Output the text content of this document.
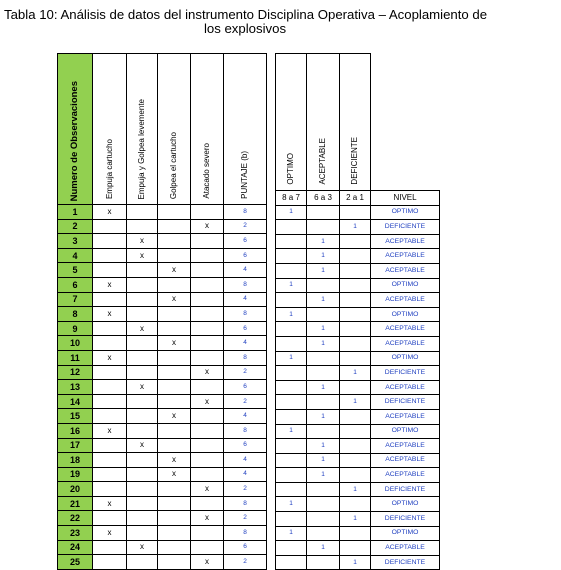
Tabla 10: Análisis de datos del instrumento Disciplina Operativa – Acoplamiento de
los explosivos
Numero de Observaciones	Empuja cartucho	Empuja y Golpea levemente	Golpea el cartucho	Atacado severo	PUNTAJE (b)
1	x				8
2				x	2
3		x			6
4		x			6
5			x		4
6	x				8
7			x		4
8	x				8
9		x			6
10			x		4
11	x				8
12				x	2
13		x			6
14				x	2
15			x		4
16	x				8
17		x			6
18			x		4
19			x		4
20				x	2
21	x				8
22				x	2
23	x				8
24		x			6
25				x	2
OPTIMO	ACEPTABLE	DEFICIENTE	
8 a 7	6 a 3	2 a 1	NIVEL
1			OPTIMO
		1	DEFICIENTE
	1		ACEPTABLE
	1		ACEPTABLE
	1		ACEPTABLE
1			OPTIMO
	1		ACEPTABLE
1			OPTIMO
	1		ACEPTABLE
	1		ACEPTABLE
1			OPTIMO
		1	DEFICIENTE
	1		ACEPTABLE
		1	DEFICIENTE
	1		ACEPTABLE
1			OPTIMO
	1		ACEPTABLE
	1		ACEPTABLE
	1		ACEPTABLE
		1	DEFICIENTE
1			OPTIMO
		1	DEFICIENTE
1			OPTIMO
	1		ACEPTABLE
		1	DEFICIENTE
